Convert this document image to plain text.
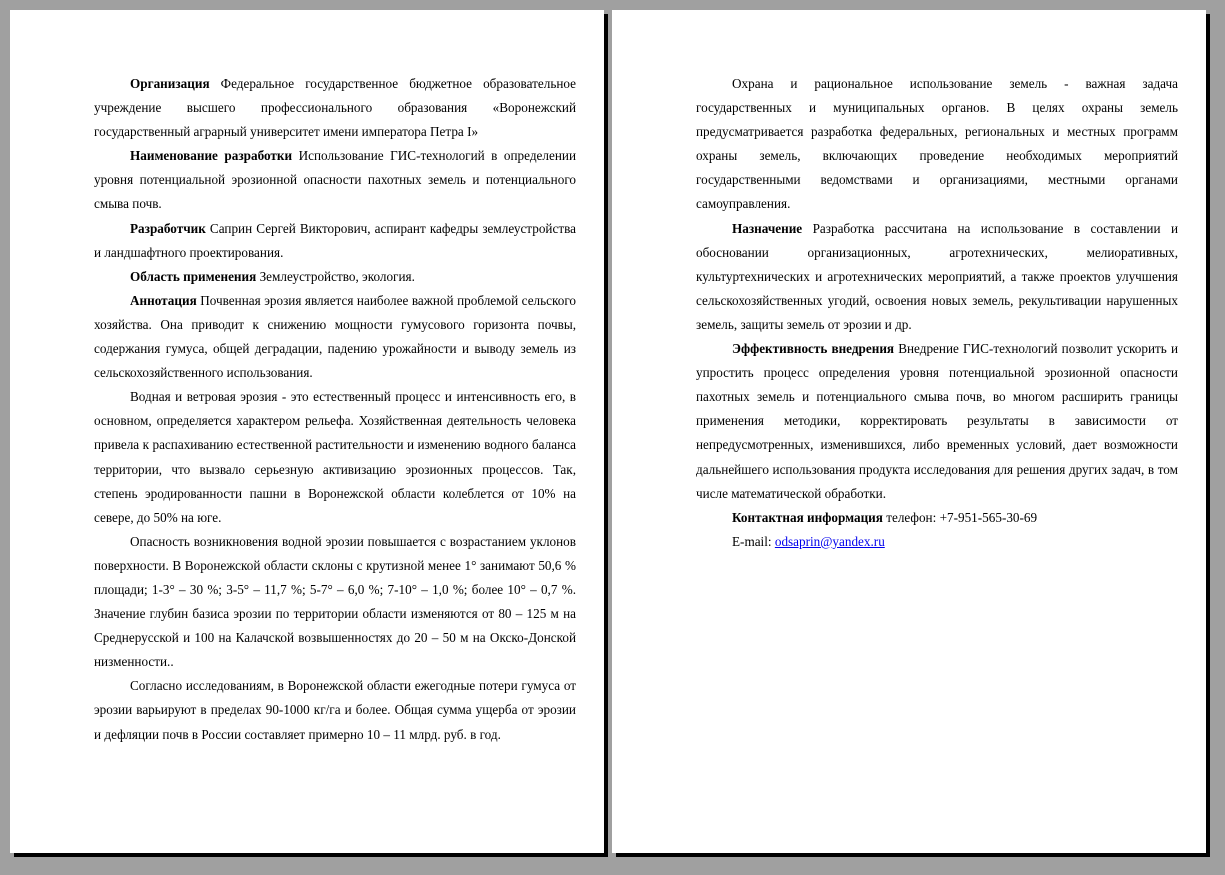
Организация Федеральное государственное бюджетное образовательное учреждение высшего профессионального образования «Воронежский государственный аграрный университет имени императора Петра I»

Наименование разработки Использование ГИС-технологий в определении уровня потенциальной эрозионной опасности пахотных земель и потенциального смыва почв.

Разработчик Саприн Сергей Викторович, аспирант кафедры землеустройства и ландшафтного проектирования.

Область применения Землеустройство, экология.

Аннотация Почвенная эрозия является наиболее важной проблемой сельского хозяйства. Она приводит к снижению мощности гумусового горизонта почвы, содержания гумуса, общей деградации, падению урожайности и выводу земель из сельскохозяйственного использования.

Водная и ветровая эрозия - это естественный процесс и интенсивность его, в основном, определяется характером рельефа. Хозяйственная деятельность человека привела к распахиванию естественной растительности и изменению водного баланса территории, что вызвало серьезную активизацию эрозионных процессов. Так, степень эродированности пашни в Воронежской области колеблется от 10% на севере, до 50% на юге.

Опасность возникновения водной эрозии повышается с возрастанием уклонов поверхности. В Воронежской области склоны с крутизной менее 1° занимают 50,6 % площади; 1-3° – 30 %; 3-5° – 11,7 %; 5-7° – 6,0 %; 7-10° – 1,0 %; более 10° – 0,7 %. Значение глубин базиса эрозии по территории области изменяются от 80 – 125 м на Среднерусской и 100 на Калачской возвышенностях до 20 – 50 м на Окско-Донской низменности..

Согласно исследованиям, в Воронежской области ежегодные потери гумуса от эрозии варьируют в пределах 90-1000 кг/га и более. Общая сумма ущерба от эрозии и дефляции почв в России составляет примерно 10 – 11 млрд. руб. в год.

Охрана и рациональное использование земель - важная задача государственных и муниципальных органов. В целях охраны земель предусматривается разработка федеральных, региональных и местных программ охраны земель, включающих проведение необходимых мероприятий государственными ведомствами и организациями, местными органами самоуправления.

Назначение Разработка рассчитана на использование в составлении и обосновании организационных, агротехнических, мелиоративных, культуртехнических и агротехнических мероприятий, а также проектов улучшения сельскохозяйственных угодий, освоения новых земель, рекультивации нарушенных земель, защиты земель от эрозии и др.

Эффективность внедрения Внедрение ГИС-технологий позволит ускорить и упростить процесс определения уровня потенциальной эрозионной опасности пахотных земель и потенциального смыва почв, во многом расширить границы применения методики, корректировать результаты в зависимости от непредусмотренных, изменившихся, либо временных условий, дает возможности дальнейшего использования продукта исследования для решения других задач, в том числе математической обработки.

Контактная информация телефон: +7-951-565-30-69

E-mail: odsaprin@yandex.ru
